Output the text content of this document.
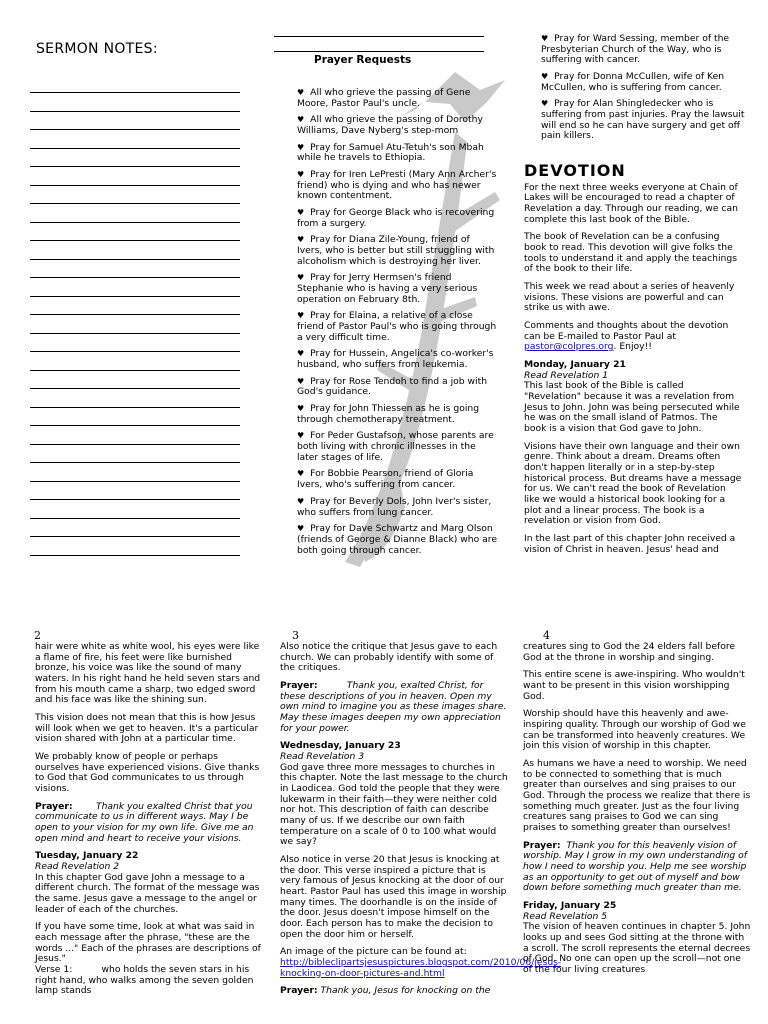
SERMON NOTES:
Prayer Requests
♥ All who grieve the passing of Gene Moore, Pastor Paul's uncle.
♥ All who grieve the passing of Dorothy Williams, Dave Nyberg's step-mom
♥ Pray for Samuel Atu-Tetuh's son Mbah while he travels to Ethiopia.
♥ Pray for Iren LePresti (Mary Ann Archer's friend) who is dying and who has newer known contentment.
♥ Pray for George Black who is recovering from a surgery.
♥ Pray for Diana Zile-Young, friend of Ivers, who is better but still struggling with alcoholism which is destroying her liver.
♥ Pray for Jerry Hermsen's friend Stephanie who is having a very serious operation on February 8th.
♥ Pray for Elaina, a relative of a close friend of Pastor Paul's who is going through a very difficult time.
♥ Pray for Hussein, Angelica's co-worker's husband, who suffers from leukemia.
♥ Pray for Rose Tendoh to find a job with God's guidance.
♥ Pray for John Thiessen as he is going through chemotherapy treatment.
♥ For Peder Gustafson, whose parents are both living with chronic illnesses in the later stages of life.
♥ For Bobbie Pearson, friend of Gloria Ivers, who's suffering from cancer.
♥ Pray for Beverly Dols, John Iver's sister, who suffers from lung cancer.
♥ Pray for Dave Schwartz and Marg Olson (friends of George & Dianne Black) who are both going through cancer.
♥ Pray for Ward Sessing, member of the Presbyterian Church of the Way, who is suffering with cancer.
♥ Pray for Donna McCullen, wife of Ken McCullen, who is suffering from cancer.
♥ Pray for Alan Shingledecker who is suffering from past injuries. Pray the lawsuit will end so he can have surgery and get off pain killers.
DEVOTION

For the next three weeks everyone at Chain of Lakes will be encouraged to read a chapter of Revelation a day. Through our reading, we can complete this last book of the Bible.

The book of Revelation can be a confusing book to read. This devotion will give folks the tools to understand it and apply the teachings of the book to their life.

This week we read about a series of heavenly visions. These visions are powerful and can strike us with awe.

Comments and thoughts about the devotion can be E-mailed to Pastor Paul at pastor@colpres.org. Enjoy!!

Monday, January 21
Read Revelation 1

This last book of the Bible is called "Revelation" because it was a revelation from Jesus to John. John was being persecuted while he was on the small island of Patmos. The book is a vision that God gave to John.

Visions have their own language and their own genre. Think about a dream. Dreams often don't happen literally or in a step-by-step historical process. But dreams have a message for us. We can't read the book of Revelation like we would a historical book looking for a plot and a linear process. The book is a revelation or vision from God.

In the last part of this chapter John received a vision of Christ in heaven. Jesus' head and

2

hair were white as white wool, his eyes were like a flame of fire, his feet were like burnished bronze, his voice was like the sound of many waters. In his right hand he held seven stars and from his mouth came a sharp, two edged sword and his face was like the shining sun.

This vision does not mean that this is how Jesus will look when we get to heaven. It's a particular vision shared with John at a particular time.

We probably know of people or perhaps ourselves have experienced visions. Give thanks to God that God communicates to us through visions.

Prayer:	Thank you exalted Christ that you communicate to us in different ways. May I be open to your vision for my own life. Give me an open mind and heart to receive your visions.

Tuesday, January 22
Read Revelation 2

In this chapter God gave John a message to a different church. The format of the message was the same. Jesus gave a message to the angel or leader of each of the churches.

If you have some time, look at what was said in each message after the phrase, "these are the words ..." Each of the phrases are descriptions of Jesus."

Verse 1:	who holds the seven stars in his right hand, who walks among the seven golden lamp stands
3

Also notice the critique that Jesus gave to each church. We can probably identify with some of the critiques.

Prayer:	Thank you, exalted Christ, for these descriptions of you in heaven. Open my own mind to imagine you as these images share. May these images deepen my own appreciation for your power.

Wednesday, January 23
Read Revelation 3

God gave three more messages to churches in this chapter. Note the last message to the church in Laodicea. God told the people that they were lukewarm in their faith—they were neither cold nor hot. This description of faith can describe many of us. If we describe our own faith temperature on a scale of 0 to 100 what would we say?

Also notice in verse 20 that Jesus is knocking at the door. This verse inspired a picture that is very famous of Jesus knocking at the door of our heart. Pastor Paul has used this image in worship many times. The doorhandle is on the inside of the door. Jesus doesn't impose himself on the door. Each person has to make the decision to open the door him or herself.

An image of the picture can be found at:

http://bibleclipartsjesuspictures.blogspot.com/2010/06/jesus-
knocking-on-door-pictures-and.html

Prayer: Thank you, Jesus for knocking on the

4

creatures sing to God the 24 elders fall before God at the throne in worship and singing.

This entire scene is awe-inspiring. Who wouldn't want to be present in this vision worshipping God.

Worship should have this heavenly and awe-inspiring quality. Through our worship of God we can be transformed into heavenly creatures. We join this vision of worship in this chapter.

As humans we have a need to worship. We need to be connected to something that is much greater than ourselves and sing praises to our God. Through the process we realize that there is something much greater. Just as the four living creatures sang praises to God we can sing praises to something greater than ourselves!

Prayer: Thank you for this heavenly vision of worship. May I grow in my own understanding of how I need to worship you. Help me see worship as an opportunity to get out of myself and bow down before something much greater than me.

Friday, January 25
Read Revelation 5

The vision of heaven continues in chapter 5. John looks up and sees God sitting at the throne with a scroll. The scroll represents the eternal decrees of God. No one can open up the scroll—not one of the four living creatures
